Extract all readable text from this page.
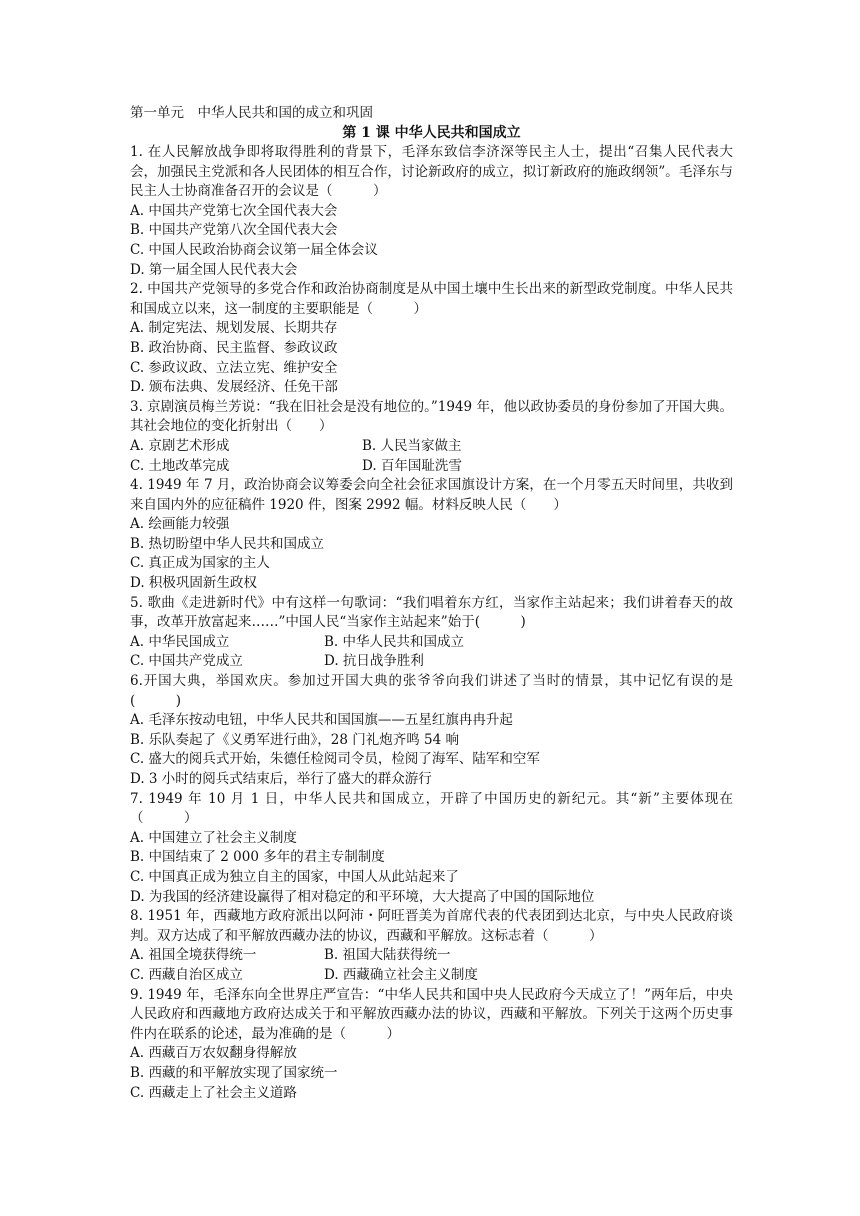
第一单元　中华人民共和国的成立和巩固
第 1 课 中华人民共和国成立

1. 在人民解放战争即将取得胜利的背景下，毛泽东致信李济深等民主人士，提出“召集人民代表大会，加强民主党派和各人民团体的相互合作，讨论新政府的成立，拟订新政府的施政纲领”。毛泽东与民主人士协商准备召开的会议是（　　　）

A. 中国共产党第七次全国代表大会

B. 中国共产党第八次全国代表大会

C. 中国人民政治协商会议第一届全体会议

D. 第一届全国人民代表大会

2. 中国共产党领导的多党合作和政治协商制度是从中国土壤中生长出来的新型政党制度。中华人民共和国成立以来，这一制度的主要职能是（　　　）

A. 制定宪法、规划发展、长期共存

B. 政治协商、民主监督、参政议政

C. 参政议政、立法立宪、维护安全

D. 颁布法典、发展经济、任免干部

3. 京剧演员梅兰芳说：“我在旧社会是没有地位的。”1949 年，他以政协委员的身份参加了开国大典。其社会地位的变化折射出（　　）

A. 京剧艺术形成	B. 人民当家做主
C. 土地改革完成	D. 百年国耻洗雪

4. 1949 年 7 月，政治协商会议筹委会向全社会征求国旗设计方案，在一个月零五天时间里，共收到来自国内外的应征稿件 1920 件，图案 2992 幅。材料反映人民（　　）

A. 绘画能力较强

B. 热切盼望中华人民共和国成立

C. 真正成为国家的主人

D. 积极巩固新生政权

5. 歌曲《走进新时代》中有这样一句歌词：“我们唱着东方红，当家作主站起来；我们讲着春天的故事，改革开放富起来……”中国人民“当家作主站起来”始于(　　　)

A. 中华民国成立	B. 中华人民共和国成立
C. 中国共产党成立	D. 抗日战争胜利

6.开国大典，举国欢庆。参加过开国大典的张爷爷向我们讲述了当时的情景，其中记忆有误的是(　　　)

A. 毛泽东按动电钮，中华人民共和国国旗——五星红旗冉冉升起

B. 乐队奏起了《义勇军进行曲》，28 门礼炮齐鸣 54 响

C. 盛大的阅兵式开始，朱德任检阅司令员，检阅了海军、陆军和空军

D. 3 小时的阅兵式结束后，举行了盛大的群众游行

7. 1949 年 10 月 1 日，中华人民共和国成立，开辟了中国历史的新纪元。其“新”主要体现在（　　　）

A. 中国建立了社会主义制度

B. 中国结束了 2 000 多年的君主专制制度

C. 中国真正成为独立自主的国家，中国人从此站起来了

D. 为我国的经济建设赢得了相对稳定的和平环境，大大提高了中国的国际地位

8. 1951 年，西藏地方政府派出以阿沛・阿旺晋美为首席代表的代表团到达北京，与中央人民政府谈判。双方达成了和平解放西藏办法的协议，西藏和平解放。这标志着（　　　）

A. 祖国全境获得统一	B. 祖国大陆获得统一
C. 西藏自治区成立	D. 西藏确立社会主义制度

9. 1949 年，毛泽东向全世界庄严宣告：“中华人民共和国中央人民政府今天成立了！”两年后，中央人民政府和西藏地方政府达成关于和平解放西藏办法的协议，西藏和平解放。下列关于这两个历史事件内在联系的论述，最为准确的是（　　　）

A. 西藏百万农奴翻身得解放

B. 西藏的和平解放实现了国家统一

C. 西藏走上了社会主义道路
